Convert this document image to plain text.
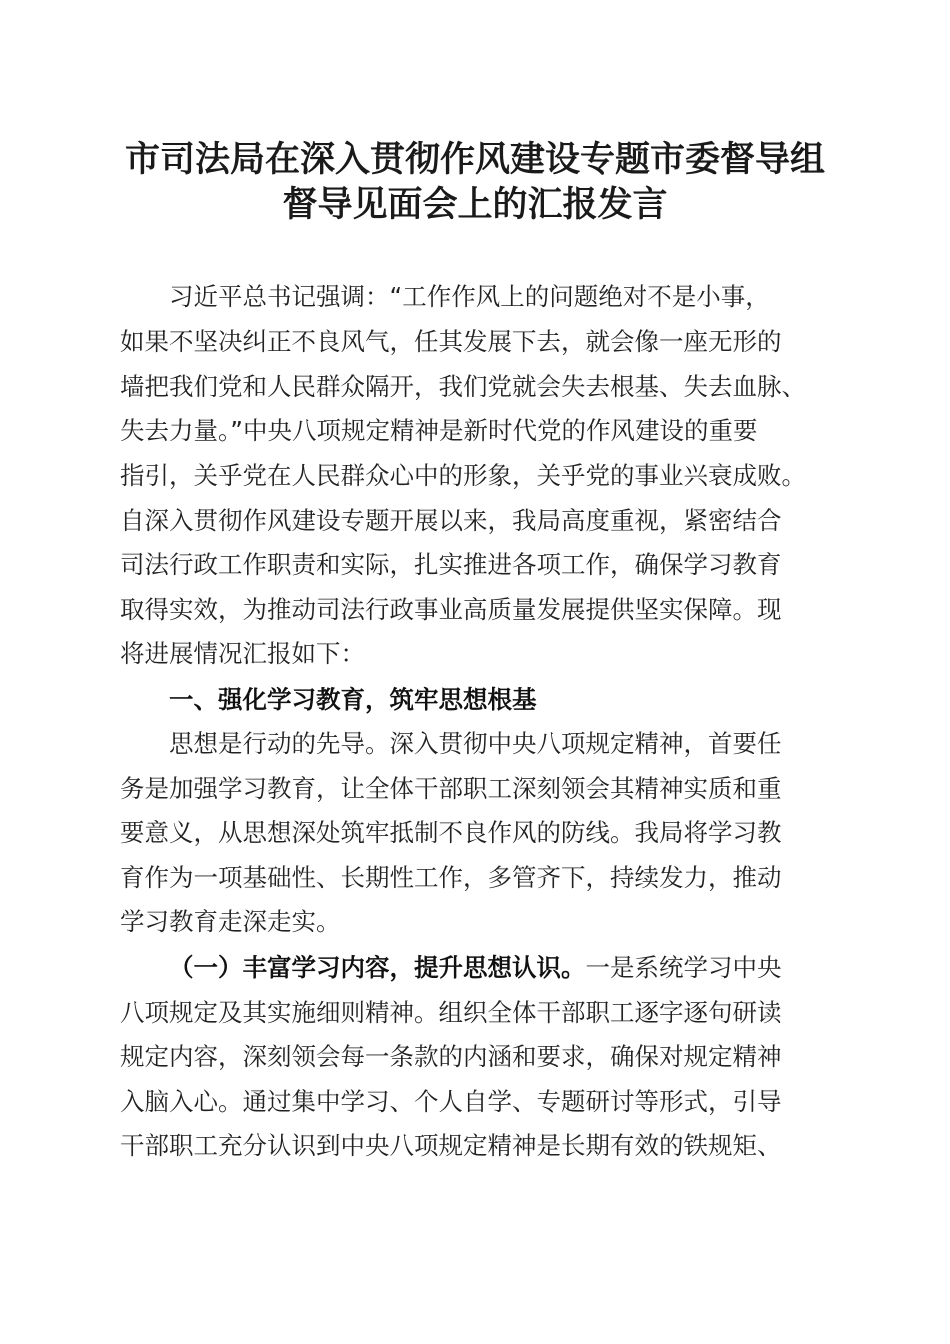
市司法局在深入贯彻作风建设专题市委督导组
督导见面会上的汇报发言
习近平总书记强调：“工作作风上的问题绝对不是小事，
如果不坚决纠正不良风气，任其发展下去，就会像一座无形的
墙把我们党和人民群众隔开，我们党就会失去根基、失去血脉、
失去力量。”中央八项规定精神是新时代党的作风建设的重要
指引，关乎党在人民群众心中的形象，关乎党的事业兴衰成败。
自深入贯彻作风建设专题开展以来，我局高度重视，紧密结合
司法行政工作职责和实际，扎实推进各项工作，确保学习教育
取得实效，为推动司法行政事业高质量发展提供坚实保障。现
将进展情况汇报如下：
一、强化学习教育，筑牢思想根基
思想是行动的先导。深入贯彻中央八项规定精神，首要任
务是加强学习教育，让全体干部职工深刻领会其精神实质和重
要意义，从思想深处筑牢抵制不良作风的防线。我局将学习教
育作为一项基础性、长期性工作，多管齐下，持续发力，推动
学习教育走深走实。
（一）丰富学习内容，提升思想认识。一是系统学习中央
八项规定及其实施细则精神。组织全体干部职工逐字逐句研读
规定内容，深刻领会每一条款的内涵和要求，确保对规定精神
入脑入心。通过集中学习、个人自学、专题研讨等形式，引导
干部职工充分认识到中央八项规定精神是长期有效的铁规矩、
